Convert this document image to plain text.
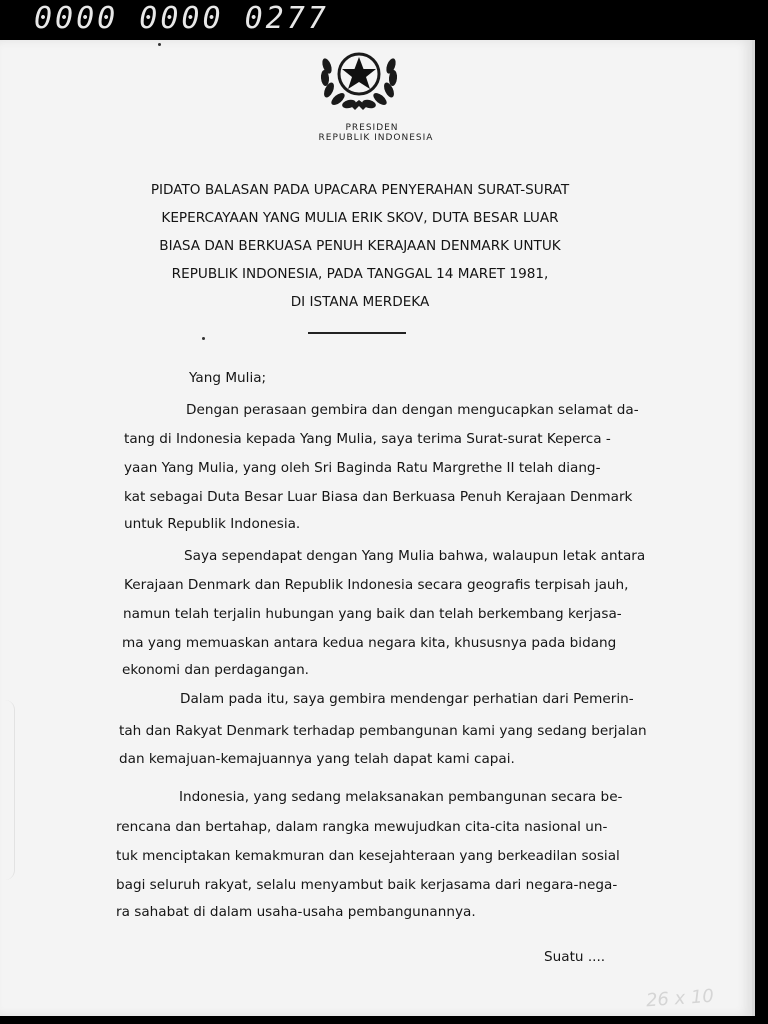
0000 0000 0277
PRESIDEN
REPUBLIK INDONESIA
PIDATO BALASAN PADA UPACARA PENYERAHAN SURAT-SURAT
KEPERCAYAAN YANG MULIA ERIK SKOV, DUTA BESAR LUAR
BIASA DAN BERKUASA PENUH KERAJAAN DENMARK UNTUK
REPUBLIK INDONESIA, PADA TANGGAL 14 MARET 1981,
DI ISTANA MERDEKA
Yang Mulia;
Dengan perasaan gembira dan dengan mengucapkan selamat da-
tang di Indonesia kepada Yang Mulia, saya terima Surat-surat Keperca -
yaan Yang Mulia, yang oleh Sri Baginda Ratu Margrethe II telah diang-
kat sebagai Duta Besar Luar Biasa dan Berkuasa Penuh Kerajaan Denmark
untuk Republik Indonesia.
Saya sependapat dengan Yang Mulia bahwa, walaupun letak antara
Kerajaan Denmark dan Republik Indonesia secara geografis terpisah jauh,
namun telah terjalin hubungan yang baik dan telah berkembang kerjasa-
ma yang memuaskan antara kedua negara kita, khususnya pada bidang
ekonomi dan perdagangan.
Dalam pada itu, saya gembira mendengar perhatian dari Pemerin-
tah dan Rakyat Denmark terhadap pembangunan kami yang sedang berjalan
dan kemajuan-kemajuannya yang telah dapat kami capai.
Indonesia, yang sedang melaksanakan pembangunan secara be-
rencana dan bertahap, dalam rangka mewujudkan cita-cita nasional un-
tuk menciptakan kemakmuran dan kesejahteraan yang berkeadilan sosial
bagi seluruh rakyat, selalu menyambut baik kerjasama dari negara-nega-
ra sahabat di dalam usaha-usaha pembangunannya.
Suatu ....
26 x 10
